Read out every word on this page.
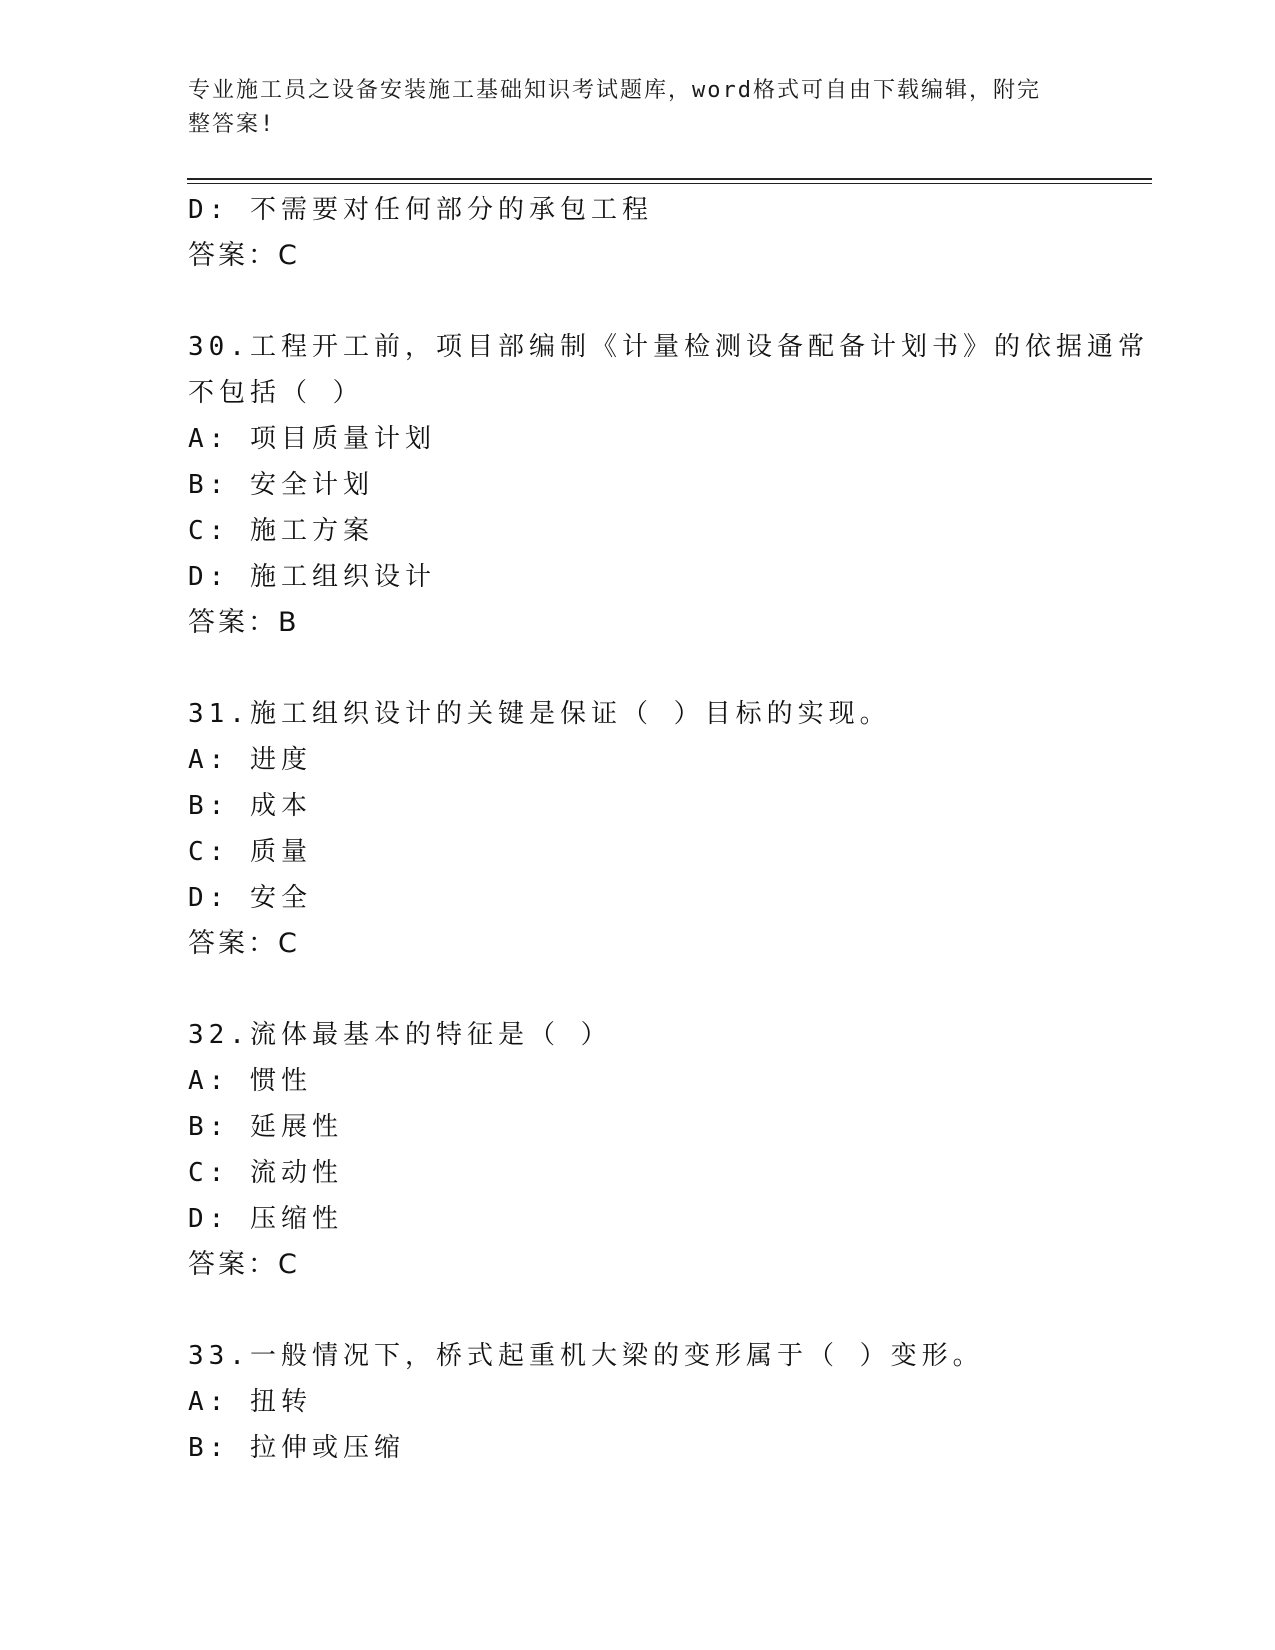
专业施工员之设备安装施工基础知识考试题库，word格式可自由下载编辑，附完
整答案!
D: 不需要对任何部分的承包工程
答案：C
30.工程开工前，项目部编制《计量检测设备配备计划书》的依据通常
不包括（ ）
A: 项目质量计划
B: 安全计划
C: 施工方案
D: 施工组织设计
答案：B
31.施工组织设计的关键是保证（ ）目标的实现。
A: 进度
B: 成本
C: 质量
D: 安全
答案：C
32.流体最基本的特征是（ ）
A: 惯性
B: 延展性
C: 流动性
D: 压缩性
答案：C
33.一般情况下，桥式起重机大梁的变形属于（ ）变形。
A: 扭转
B: 拉伸或压缩
